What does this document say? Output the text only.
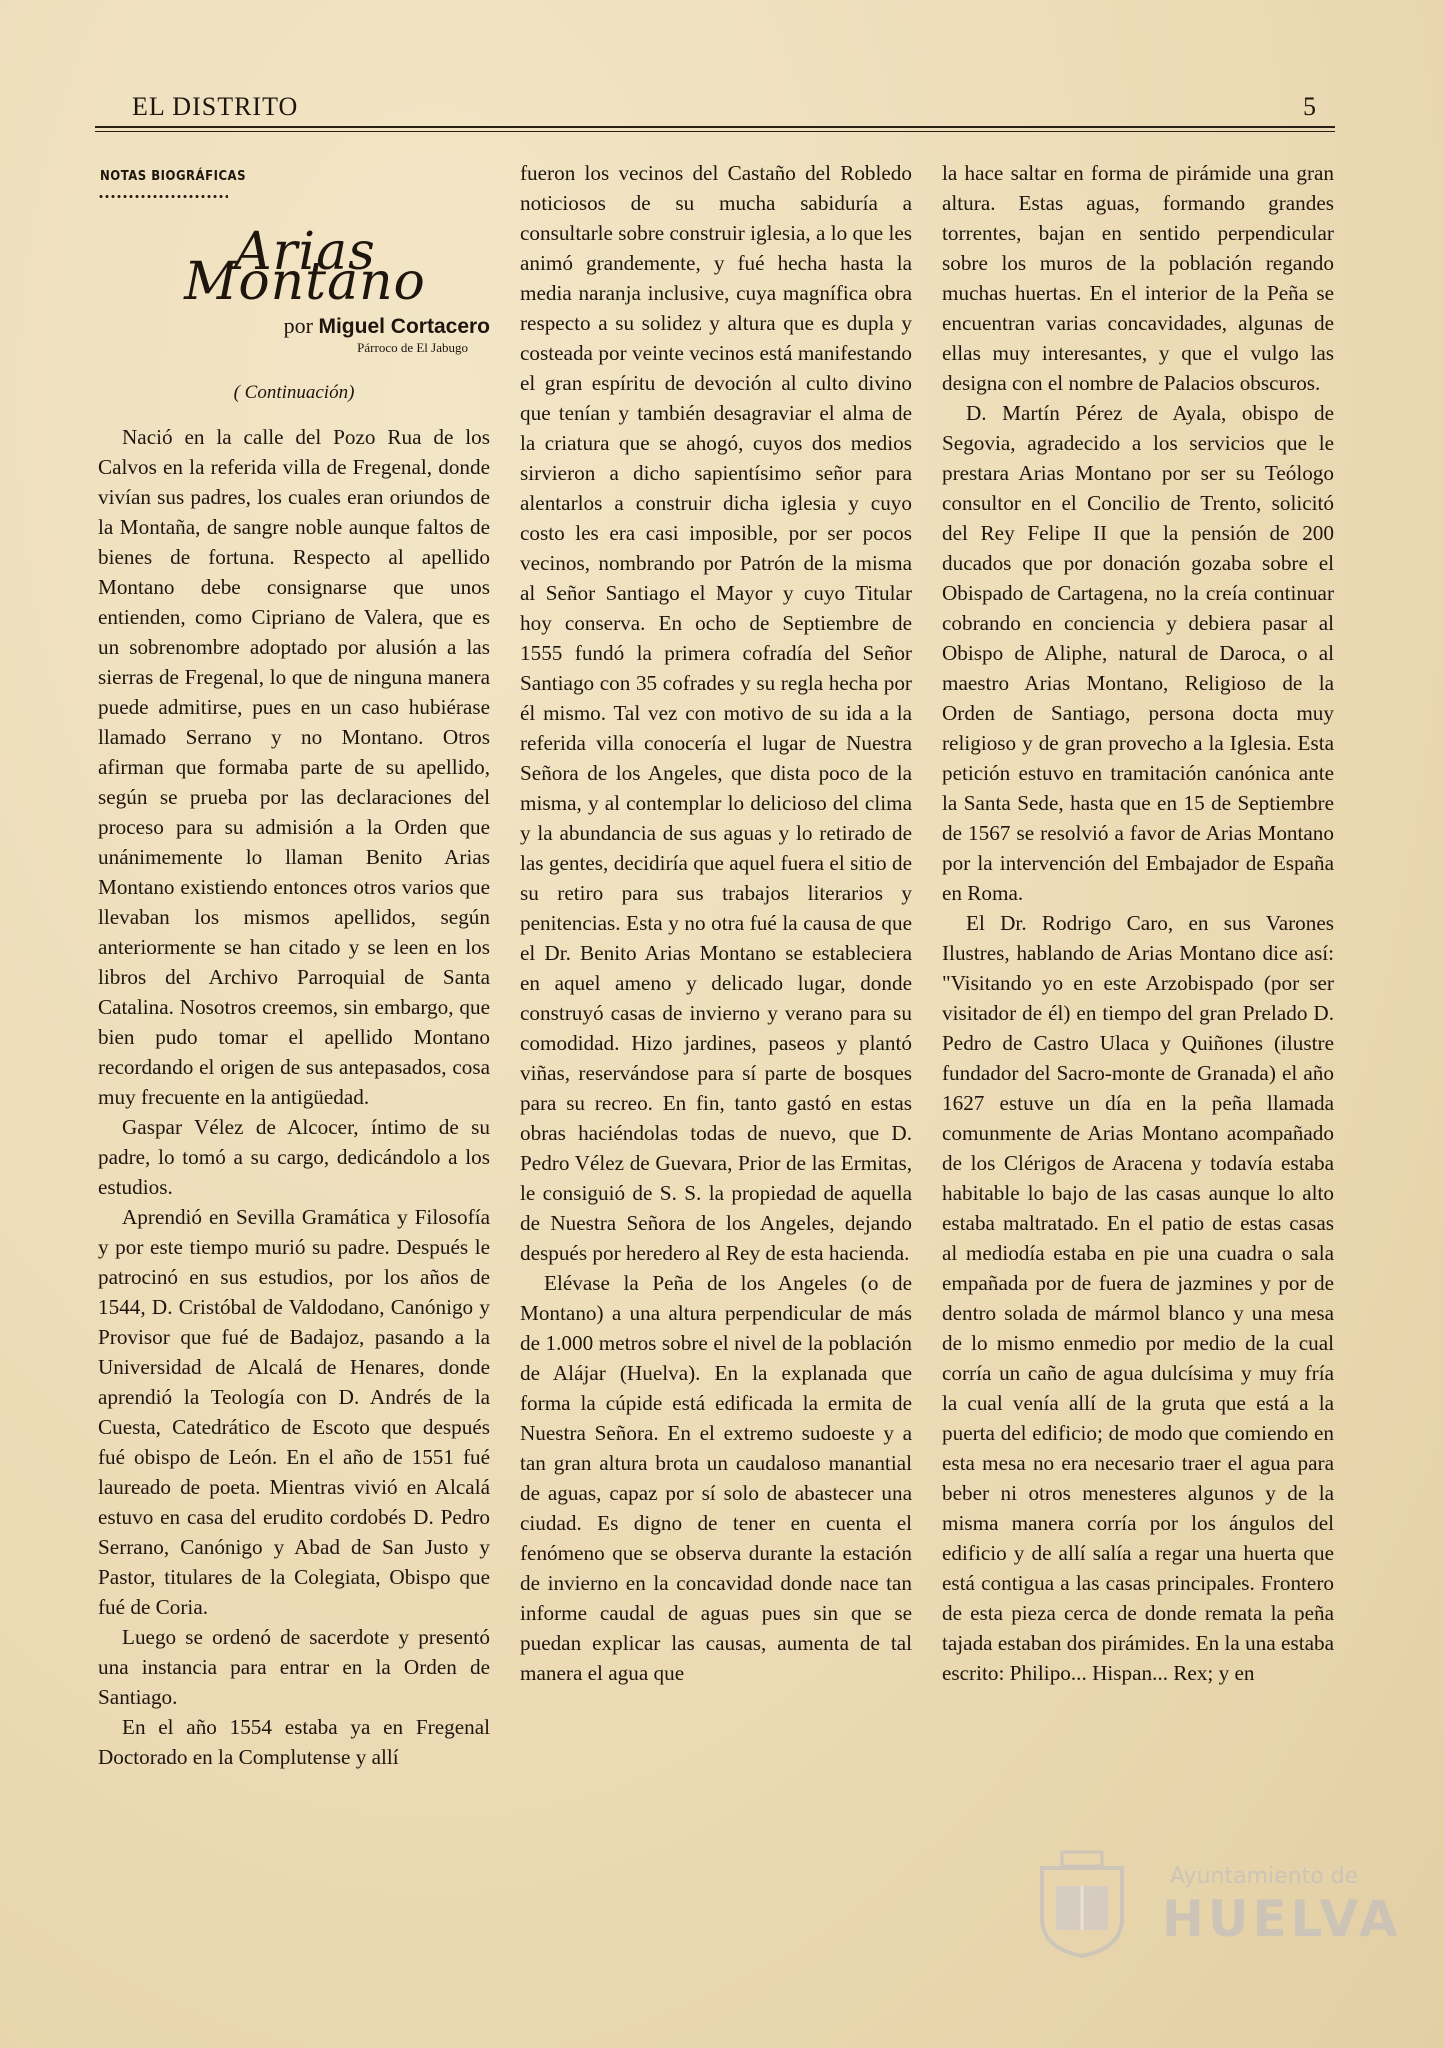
EL DISTRITO	5
NOTAS BIOGRÁFICAS
Arias Montano
por Miguel Cortacero
Párroco de El Jabugo
( Continuación)

Nació en la calle del Pozo Rua de los Calvos en la referida villa de Fregenal, donde vivían sus padres, los cuales eran oriundos de la Montaña, de sangre noble aunque faltos de bienes de fortuna. Respecto al apellido Montano debe consignarse que unos entienden, como Cipriano de Valera, que es un sobrenombre adoptado por alusión a las sierras de Fregenal, lo que de ninguna manera puede admitirse, pues en un caso hubiérase llamado Serrano y no Montano. Otros afirman que formaba parte de su apellido, según se prueba por las declaraciones del proceso para su admisión a la Orden que unánimemente lo llaman Benito Arias Montano existiendo entonces otros varios que llevaban los mismos apellidos, según anteriormente se han citado y se leen en los libros del Archivo Parroquial de Santa Catalina. Nosotros creemos, sin embargo, que bien pudo tomar el apellido Montano recordando el origen de sus antepasados, cosa muy frecuente en la antigüedad.

Gaspar Vélez de Alcocer, íntimo de su padre, lo tomó a su cargo, dedicándolo a los estudios.

Aprendió en Sevilla Gramática y Filosofía y por este tiempo murió su padre. Después le patrocinó en sus estudios, por los años de 1544, D. Cristóbal de Valdodano, Canónigo y Provisor que fué de Badajoz, pasando a la Universidad de Alcalá de Henares, donde aprendió la Teología con D. Andrés de la Cuesta, Catedrático de Escoto que después fué obispo de León. En el año de 1551 fué laureado de poeta. Mientras vivió en Alcalá estuvo en casa del erudito cordobés D. Pedro Serrano, Canónigo y Abad de San Justo y Pastor, titulares de la Colegiata, Obispo que fué de Coria.

Luego se ordenó de sacerdote y presentó una instancia para entrar en la Orden de Santiago.

En el año 1554 estaba ya en Fregenal Doctorado en la Complutense y allí

fueron los vecinos del Castaño del Robledo noticiosos de su mucha sabiduría a consultarle sobre construir iglesia, a lo que les animó grandemente, y fué hecha hasta la media naranja inclusive, cuya magnífica obra respecto a su solidez y altura que es dupla y costeada por veinte vecinos está manifestando el gran espíritu de devoción al culto divino que tenían y también desagraviar el alma de la criatura que se ahogó, cuyos dos medios sirvieron a dicho sapientísimo señor para alentarlos a construir dicha iglesia y cuyo costo les era casi imposible, por ser pocos vecinos, nombrando por Patrón de la misma al Señor Santiago el Mayor y cuyo Titular hoy conserva. En ocho de Septiembre de 1555 fundó la primera cofradía del Señor Santiago con 35 cofrades y su regla hecha por él mismo. Tal vez con motivo de su ida a la referida villa conocería el lugar de Nuestra Señora de los Angeles, que dista poco de la misma, y al contemplar lo delicioso del clima y la abundancia de sus aguas y lo retirado de las gentes, decidiría que aquel fuera el sitio de su retiro para sus trabajos literarios y penitencias. Esta y no otra fué la causa de que el Dr. Benito Arias Montano se estableciera en aquel ameno y delicado lugar, donde construyó casas de invierno y verano para su comodidad. Hizo jardines, paseos y plantó viñas, reservándose para sí parte de bosques para su recreo. En fin, tanto gastó en estas obras haciéndolas todas de nuevo, que D. Pedro Vélez de Guevara, Prior de las Ermitas, le consiguió de S. S. la propiedad de aquella de Nuestra Señora de los Angeles, dejando después por heredero al Rey de esta hacienda.

Elévase la Peña de los Angeles (o de Montano) a una altura perpendicular de más de 1.000 metros sobre el nivel de la población de Alájar (Huelva). En la explanada que forma la cúpide está edificada la ermita de Nuestra Señora. En el extremo sudoeste y a tan gran altura brota un caudaloso manantial de aguas, capaz por sí solo de abastecer una ciudad. Es digno de tener en cuenta el fenómeno que se observa durante la estación de invierno en la concavidad donde nace tan informe caudal de aguas pues sin que se puedan explicar las causas, aumenta de tal manera el agua que

la hace saltar en forma de pirámide una gran altura. Estas aguas, formando grandes torrentes, bajan en sentido perpendicular sobre los muros de la población regando muchas huertas. En el interior de la Peña se encuentran varias concavidades, algunas de ellas muy interesantes, y que el vulgo las designa con el nombre de Palacios obscuros.

D. Martín Pérez de Ayala, obispo de Segovia, agradecido a los servicios que le prestara Arias Montano por ser su Teólogo consultor en el Concilio de Trento, solicitó del Rey Felipe II que la pensión de 200 ducados que por donación gozaba sobre el Obispado de Cartagena, no la creía continuar cobrando en conciencia y debiera pasar al Obispo de Aliphe, natural de Daroca, o al maestro Arias Montano, Religioso de la Orden de Santiago, persona docta muy religioso y de gran provecho a la Iglesia. Esta petición estuvo en tramitación canónica ante la Santa Sede, hasta que en 15 de Septiembre de 1567 se resolvió a favor de Arias Montano por la intervención del Embajador de España en Roma.

El Dr. Rodrigo Caro, en sus Varones Ilustres, hablando de Arias Montano dice así: "Visitando yo en este Arzobispado (por ser visitador de él) en tiempo del gran Prelado D. Pedro de Castro Ulaca y Quiñones (ilustre fundador del Sacro-monte de Granada) el año 1627 estuve un día en la peña llamada comunmente de Arias Montano acompañado de los Clérigos de Aracena y todavía estaba habitable lo bajo de las casas aunque lo alto estaba maltratado. En el patio de estas casas al mediodía estaba en pie una cuadra o sala empañada por de fuera de jazmines y por de dentro solada de mármol blanco y una mesa de lo mismo enmedio por medio de la cual corría un caño de agua dulcísima y muy fría la cual venía allí de la gruta que está a la puerta del edificio; de modo que comiendo en esta mesa no era necesario traer el agua para beber ni otros menesteres algunos y de la misma manera corría por los ángulos del edificio y de allí salía a regar una huerta que está contigua a las casas principales. Frontero de esta pieza cerca de donde remata la peña tajada estaban dos pirámides. En la una estaba escrito: Philipo... Hispan... Rex; y en

Ayuntamiento de
HUELVA
